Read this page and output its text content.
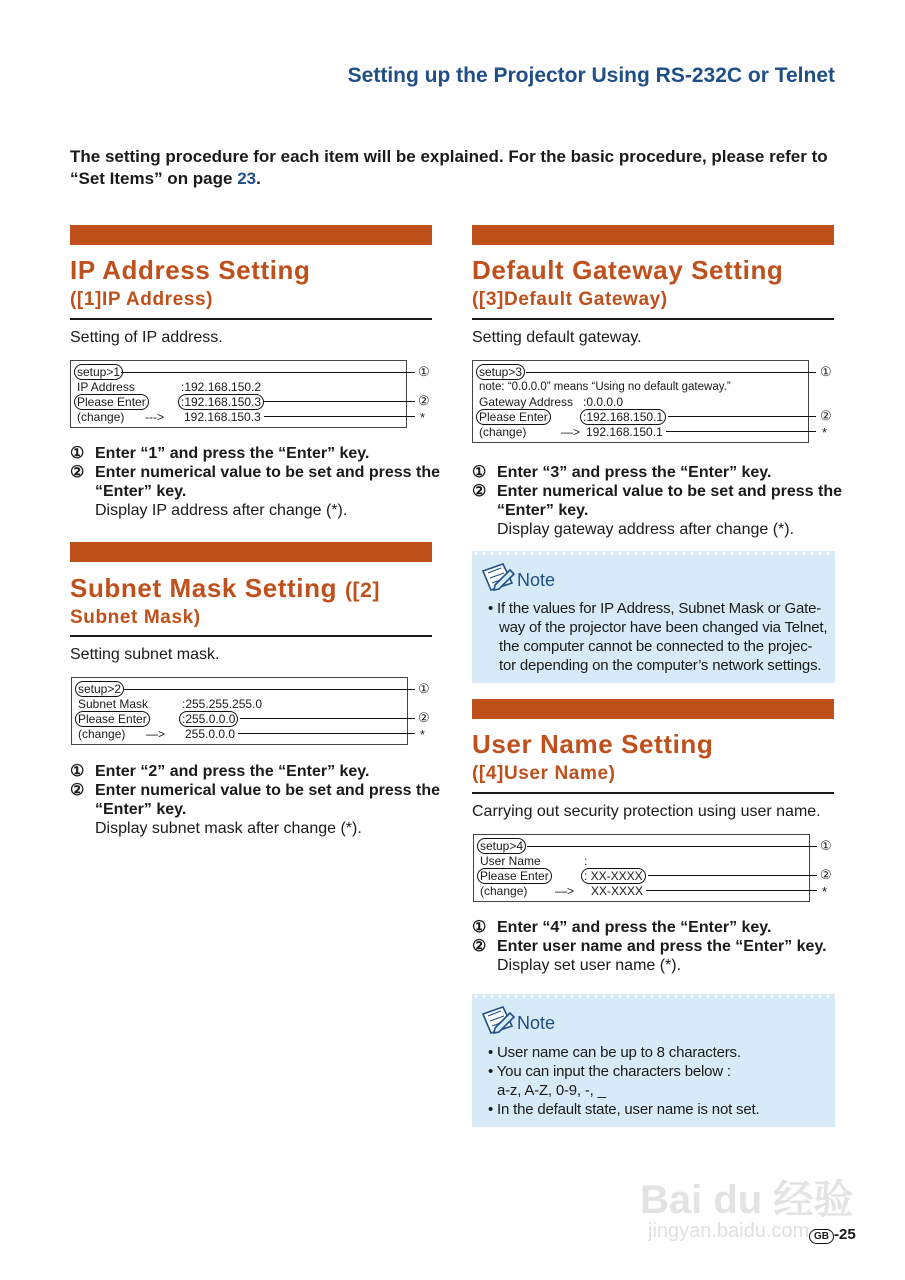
Setting up the Projector Using RS-232C or Telnet
The setting procedure for each item will be explained. For the basic procedure, please refer to “Set Items” on page 23.
IP Address Setting
([1]IP Address)
Setting of IP address.
setup>1
IP Address	:192.168.150.2
Please Enter	:192.168.150.3
(change) ---> 192.168.150.3
①
②
*
① Enter “1” and press the “Enter” key.
② Enter numerical value to be set and press the
“Enter” key.
Display IP address after change (*).
Subnet Mask Setting ([2]
Subnet Mask)
Setting subnet mask.
setup>2
Subnet Mask	:255.255.255.0
Please Enter	:255.0.0.0
(change) —> 255.0.0.0
①
②
*
① Enter “2” and press the “Enter” key.
② Enter numerical value to be set and press the
“Enter” key.
Display subnet mask after change (*).
Default Gateway Setting
([3]Default Gateway)
Setting default gateway.
setup>3
note: “0.0.0.0” means “Using no default gateway.”
Gateway Address :0.0.0.0
Please Enter	:192.168.150.1
(change)	—> 192.168.150.1
①
②
*
① Enter “3” and press the “Enter” key.
② Enter numerical value to be set and press the
“Enter” key.
Display gateway address after change (*).
Note
• If the values for IP Address, Subnet Mask or Gate-
way of the projector have been changed via Telnet,
the computer cannot be connected to the projec-
tor depending on the computer’s network settings.
User Name Setting
([4]User Name)
Carrying out security protection using user name.
setup>4
User Name	:
Please Enter	: XX-XXXX
(change) —> XX-XXXX
①
②
*
① Enter “4” and press the “Enter” key.
② Enter user name and press the “Enter” key.
Display set user name (*).
Note
• User name can be up to 8 characters.
• You can input the characters below :
a-z, A-Z, 0-9, -, _
• In the default state, user name is not set.
Bai du 经验
jingyan.baidu.com GB -25
